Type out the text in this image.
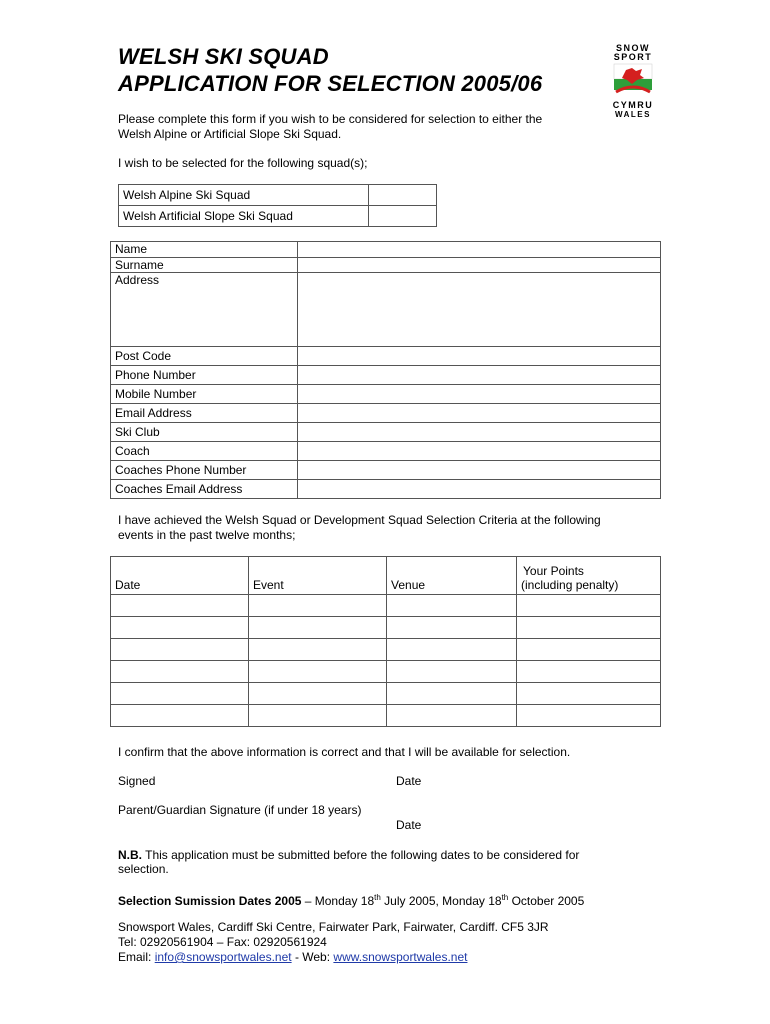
WELSH SKI SQUAD
APPLICATION FOR SELECTION 2005/06
SNOW
SPORT
CYMRU
WALES
Please complete this form if you wish to be considered for selection to either the
Welsh Alpine or Artificial Slope Ski Squad.
I wish to be selected for the following squad(s);
Welsh Alpine Ski Squad	
Welsh Artificial Slope Ski Squad	
Name	
Surname	
Address	
Post Code	
Phone Number	
Mobile Number	
Email Address	
Ski Club	
Coach	
Coaches Phone Number	
Coaches Email Address	
I have achieved the Welsh Squad or Development Squad Selection Criteria at the following
events in the past twelve months;
Date	Event	Venue	Your Points
(including penalty)

I confirm that the above information is correct and that I will be available for selection.
Signed	Date
Parent/Guardian Signature (if under 18 years)
Date
N.B. This application must be submitted before the following dates to be considered for
selection.
Selection Sumission Dates 2005 – Monday 18th July 2005, Monday 18th October 2005
Snowsport Wales, Cardiff Ski Centre, Fairwater Park, Fairwater, Cardiff. CF5 3JR
Tel: 02920561904 – Fax: 02920561924
Email: info@snowsportwales.net - Web: www.snowsportwales.net
